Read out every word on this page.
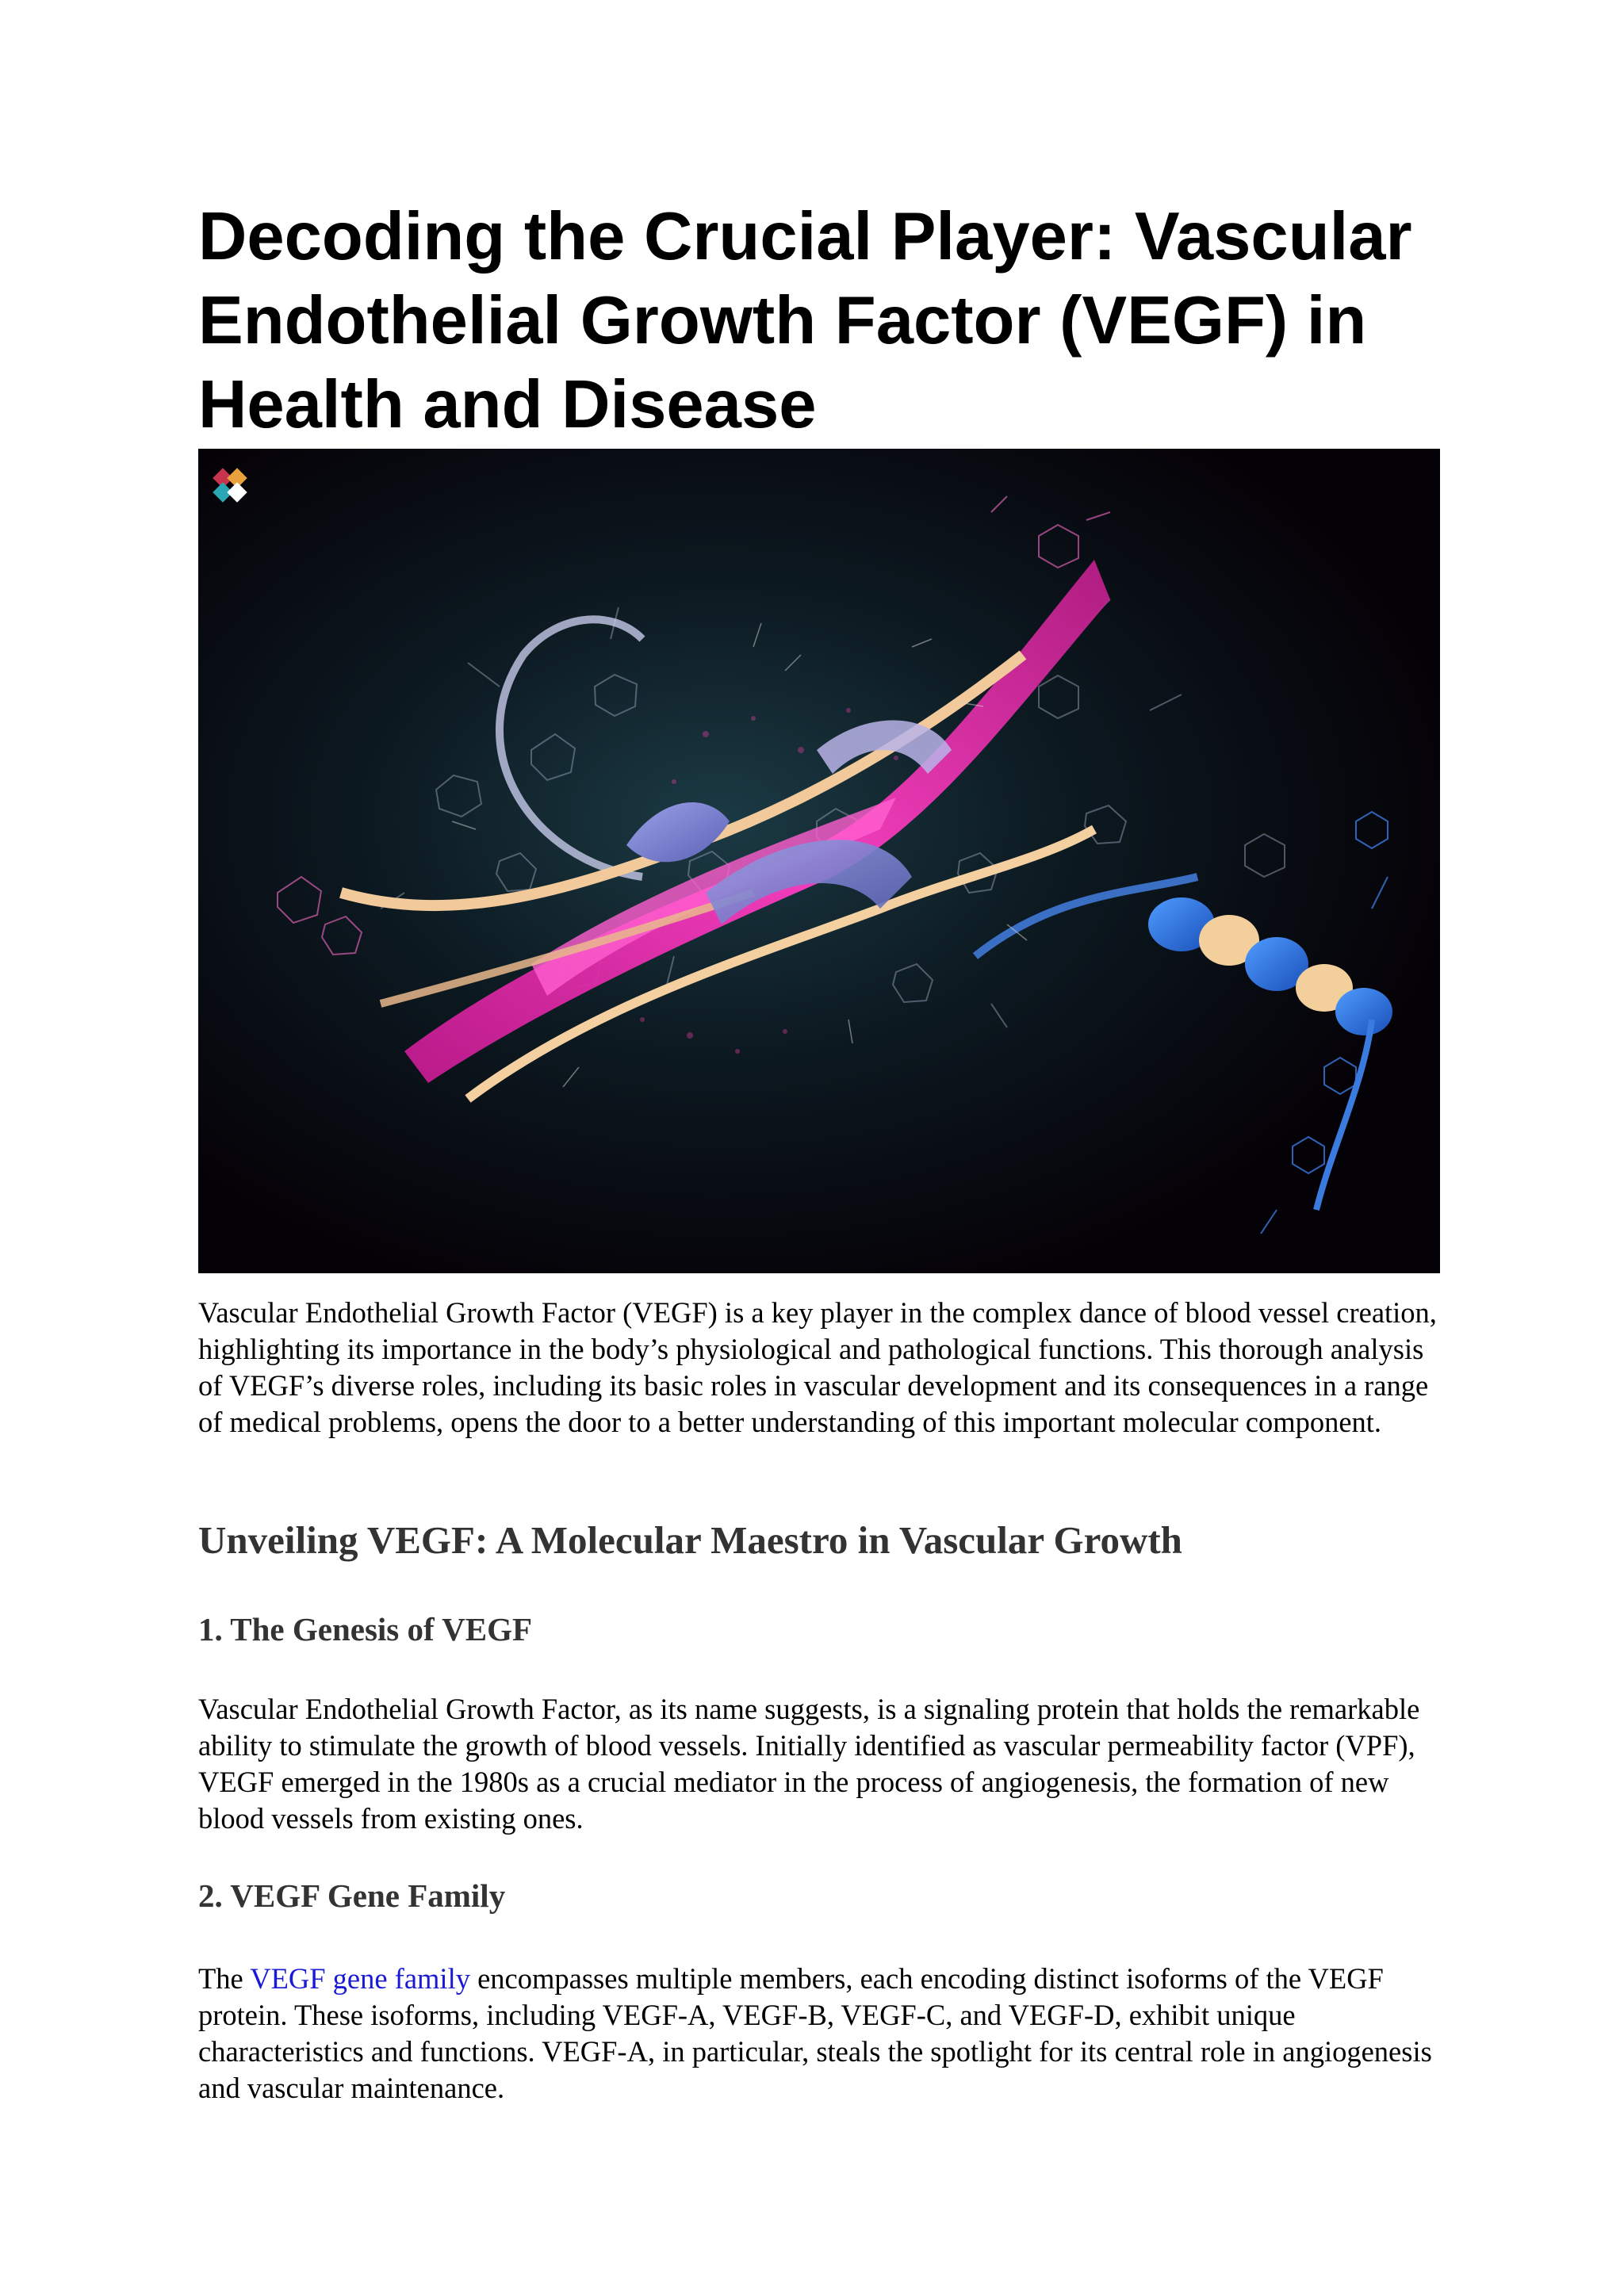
Decoding the Crucial Player: Vascular Endothelial Growth Factor (VEGF) in Health and Disease

Vascular Endothelial Growth Factor (VEGF) is a key player in the complex dance of blood vessel creation, highlighting its importance in the body’s physiological and pathological functions. This thorough analysis of VEGF’s diverse roles, including its basic roles in vascular development and its consequences in a range of medical problems, opens the door to a better understanding of this important molecular component.

Unveiling VEGF: A Molecular Maestro in Vascular Growth
1. The Genesis of VEGF

Vascular Endothelial Growth Factor, as its name suggests, is a signaling protein that holds the remarkable ability to stimulate the growth of blood vessels. Initially identified as vascular permeability factor (VPF), VEGF emerged in the 1980s as a crucial mediator in the process of angiogenesis, the formation of new blood vessels from existing ones.

2. VEGF Gene Family

The VEGF gene family encompasses multiple members, each encoding distinct isoforms of the VEGF protein. These isoforms, including VEGF-A, VEGF-B, VEGF-C, and VEGF-D, exhibit unique characteristics and functions. VEGF-A, in particular, steals the spotlight for its central role in angiogenesis and vascular maintenance.
